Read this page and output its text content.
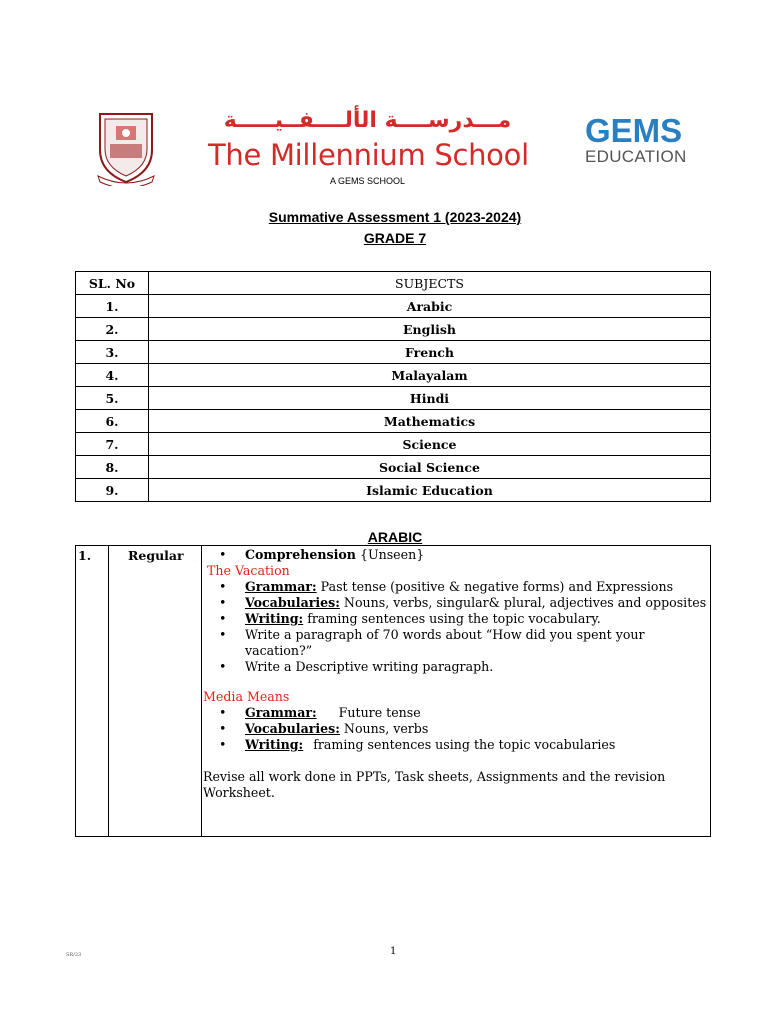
مـــدرســــة الألــــفــيـــــة
The Millennium School
A GEMS SCHOOL
GEMS
EDUCATION
Summative Assessment 1 (2023-2024)
GRADE 7
SL. No	SUBJECTS
1.	Arabic
2.	English
3.	French
4.	Malayalam
5.	Hindi
6.	Mathematics
7.	Science
8.	Social Science
9.	Islamic Education
ARABIC
1.	Regular	• Comprehension {Unseen}
The Vacation
• Grammar: Past tense (positive & negative forms) and Expressions
• Vocabularies: Nouns, verbs, singular& plural, adjectives and opposites
• Writing: framing sentences using the topic vocabulary.
• Write a paragraph of 70 words about “How did you spent your vacation?”
• Write a Descriptive writing paragraph.
Media Means
• Grammar: Future tense
• Vocabularies: Nouns, verbs
• Writing: framing sentences using the topic vocabularies
Revise all work done in PPTs, Task sheets, Assignments and the revision Worksheet.
SR/23	1
